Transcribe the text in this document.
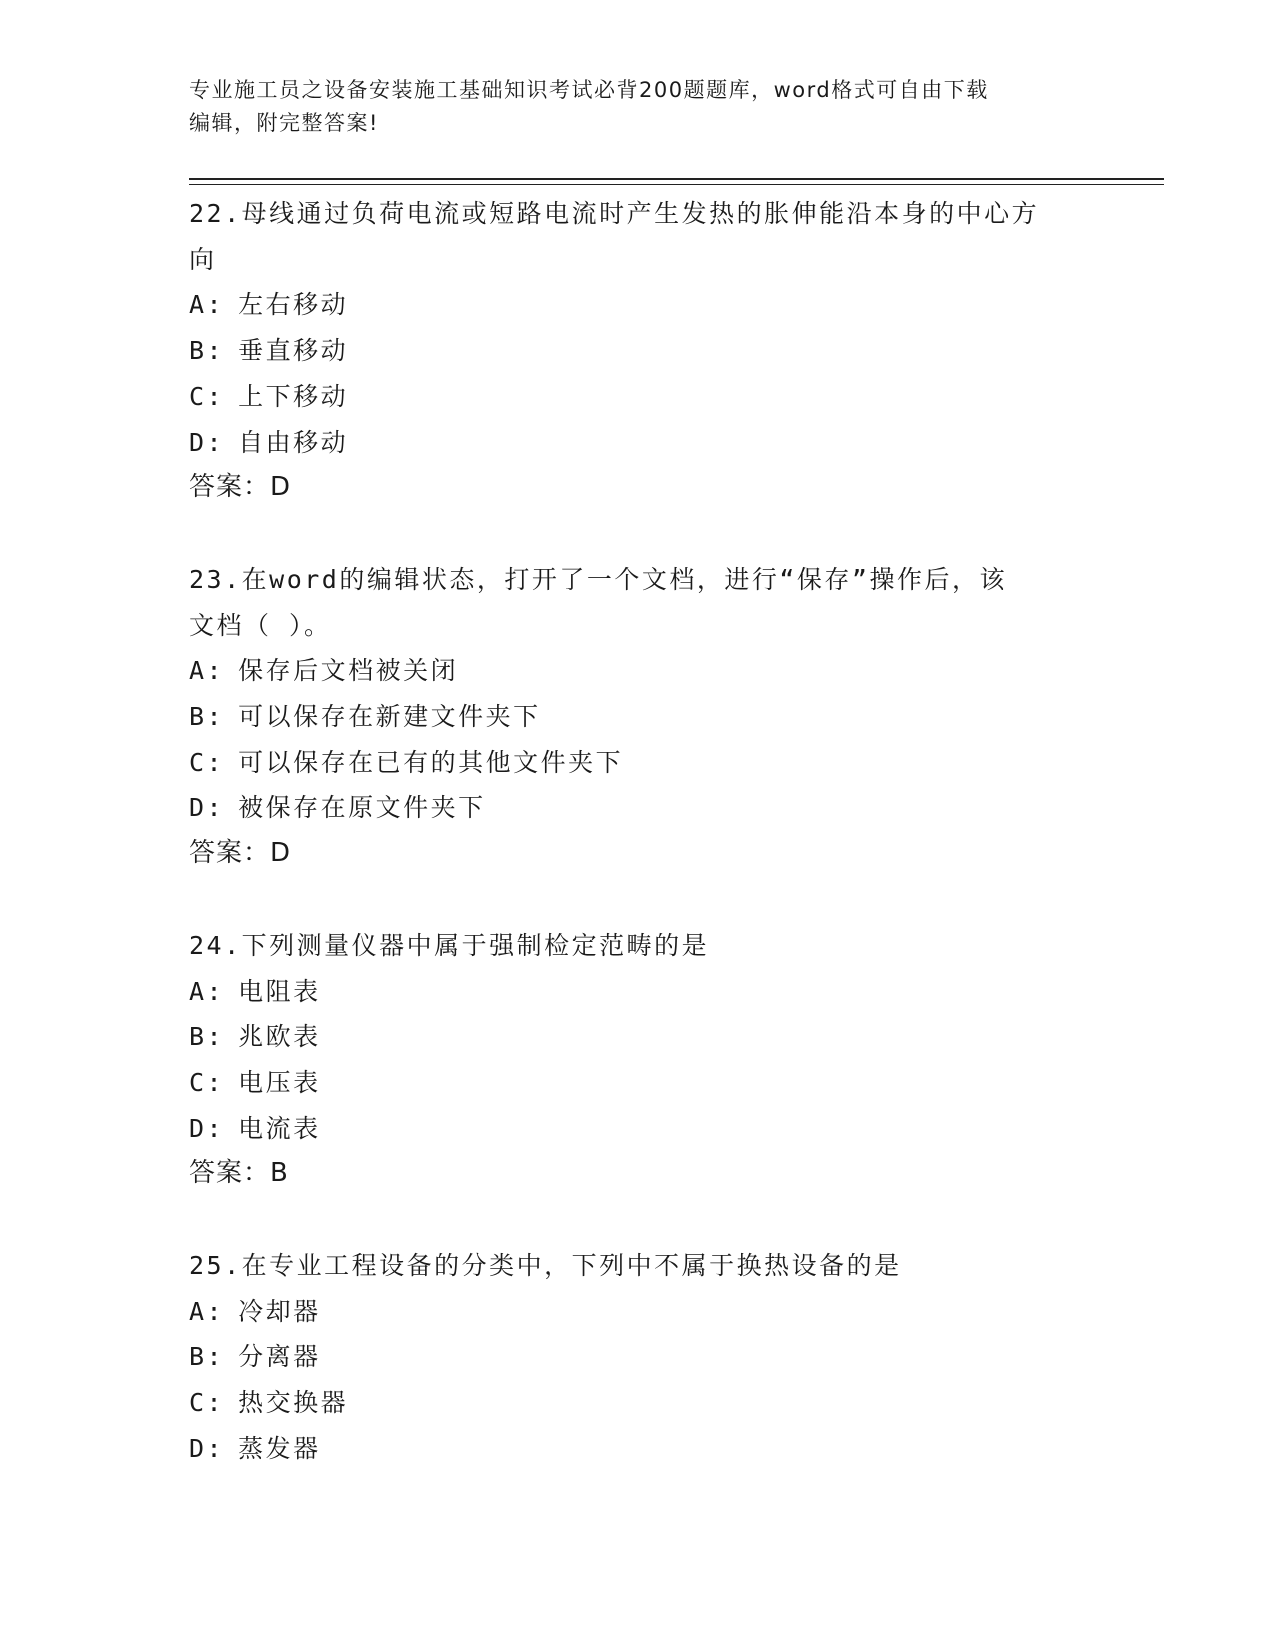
专业施工员之设备安装施工基础知识考试必背200题题库，word格式可自由下载
编辑，附完整答案!
22.母线通过负荷电流或短路电流时产生发热的胀伸能沿本身的中心方
向
A: 左右移动
B: 垂直移动
C: 上下移动
D: 自由移动
答案：D
23.在word的编辑状态，打开了一个文档，进行“保存”操作后，该
文档（ ）。
A: 保存后文档被关闭
B: 可以保存在新建文件夹下
C: 可以保存在已有的其他文件夹下
D: 被保存在原文件夹下
答案：D
24.下列测量仪器中属于强制检定范畴的是
A: 电阻表
B: 兆欧表
C: 电压表
D: 电流表
答案：B
25.在专业工程设备的分类中，下列中不属于换热设备的是
A: 冷却器
B: 分离器
C: 热交换器
D: 蒸发器
